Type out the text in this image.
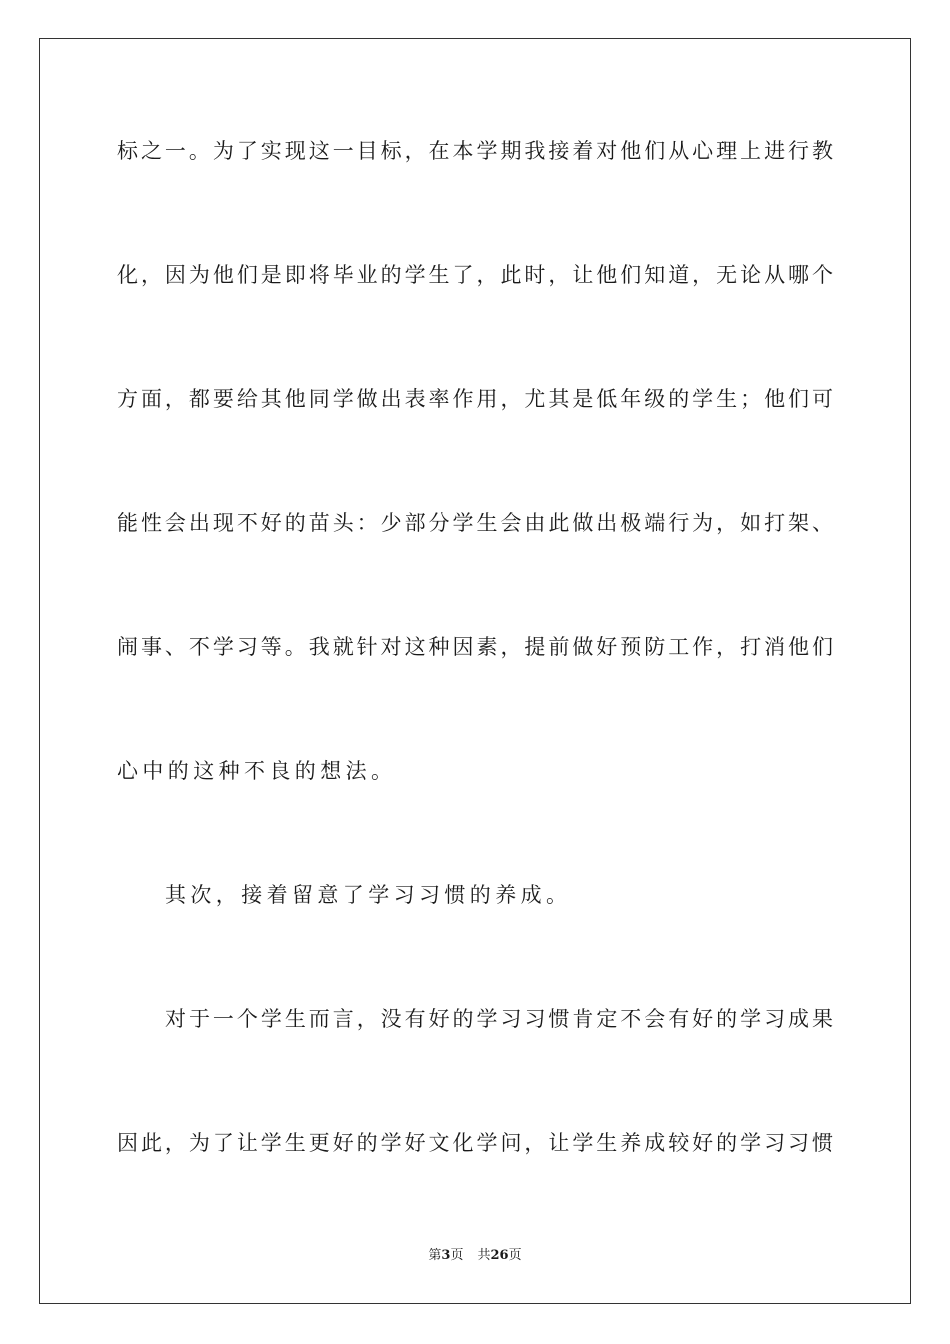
标之一。为了实现这一目标，在本学期我接着对他们从心理上进行教
化，因为他们是即将毕业的学生了，此时，让他们知道，无论从哪个
方面，都要给其他同学做出表率作用，尤其是低年级的学生；他们可
能性会出现不好的苗头：少部分学生会由此做出极端行为，如打架、
闹事、不学习等。我就针对这种因素，提前做好预防工作，打消他们
心中的这种不良的想法。
其次，接着留意了学习习惯的养成。
对于一个学生而言，没有好的学习习惯肯定不会有好的学习成果
因此，为了让学生更好的学好文化学问，让学生养成较好的学习习惯
第3页 共26页
